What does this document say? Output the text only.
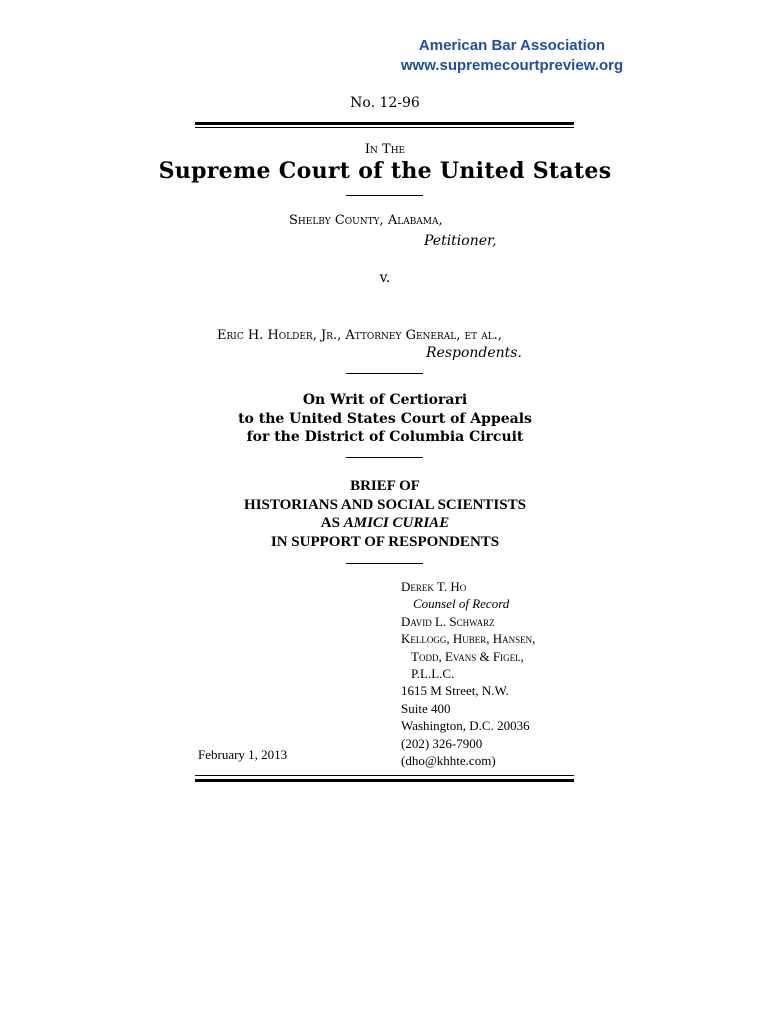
American Bar Association
www.supremecourtpreview.org
No. 12-96
In The
Supreme Court of the United States
Shelby County, Alabama,
Petitioner,
v.
Eric H. Holder, Jr., Attorney General, et al.,
Respondents.
On Writ of Certiorari
to the United States Court of Appeals
for the District of Columbia Circuit
BRIEF OF
HISTORIANS AND SOCIAL SCIENTISTS
AS AMICI CURIAE
IN SUPPORT OF RESPONDENTS
Derek T. Ho
Counsel of Record
David L. Schwarz
Kellogg, Huber, Hansen,
Todd, Evans & Figel,
P.L.L.C.
1615 M Street, N.W.
Suite 400
Washington, D.C. 20036
(202) 326-7900
(dho@khhte.com)
February 1, 2013
